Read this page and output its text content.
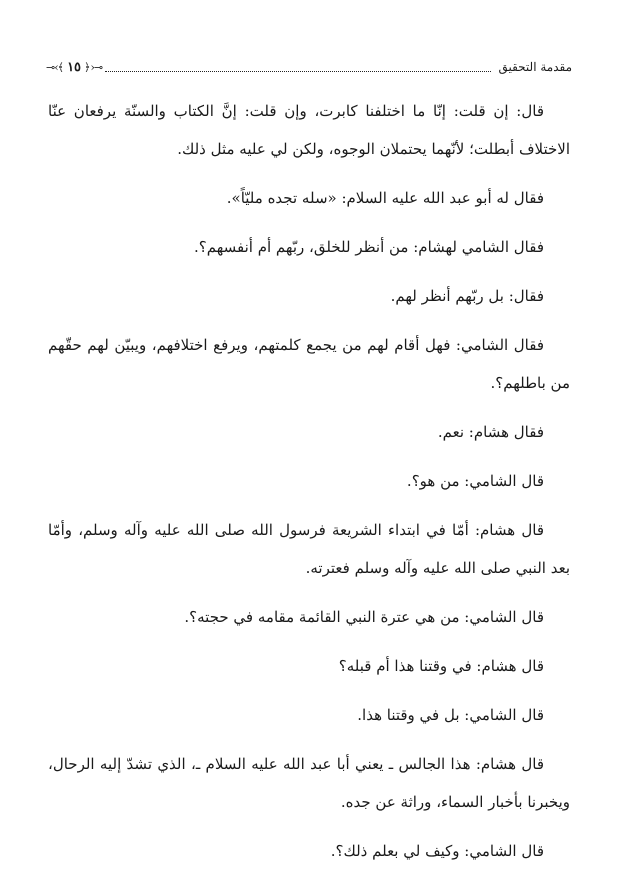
مقدمة التحقيق
⊸‹ ﴾ ١٥ ﴿ ›⊸

قال: إن قلت: إنّا ما اختلفنا كابرت، وإن قلت: إنَّ الكتاب والسنّة يرفعان عنّا الاختلاف أبطلت؛ لأنّهما يحتملان الوجوه، ولكن لي عليه مثل ذلك.

فقال له أبو عبد الله عليه السلام: «سله تجده مليّاً».

فقال الشامي لهشام: من أنظر للخلق، ربّهم أم أنفسهم؟.

فقال: بل ربّهم أنظر لهم.

فقال الشامي: فهل أقام لهم من يجمع كلمتهم، ويرفع اختلافهم، ويبيّن لهم حقّهم من باطلهم؟.

فقال هشام: نعم.

قال الشامي: من هو؟.

قال هشام: أمّا في ابتداء الشريعة فرسول الله صلى الله عليه وآله وسلم، وأمّا بعد النبي صلى الله عليه وآله وسلم فعترته.

قال الشامي: من هي عترة النبي القائمة مقامه في حجته؟.

قال هشام: في وقتنا هذا أم قبله؟

قال الشامي: بل في وقتنا هذا.

قال هشام: هذا الجالس ـ يعني أبا عبد الله عليه السلام ـ، الذي تشدّ إليه الرحال، ويخبرنا بأخبار السماء، وراثة عن جده.

قال الشامي: وكيف لي بعلم ذلك؟.
